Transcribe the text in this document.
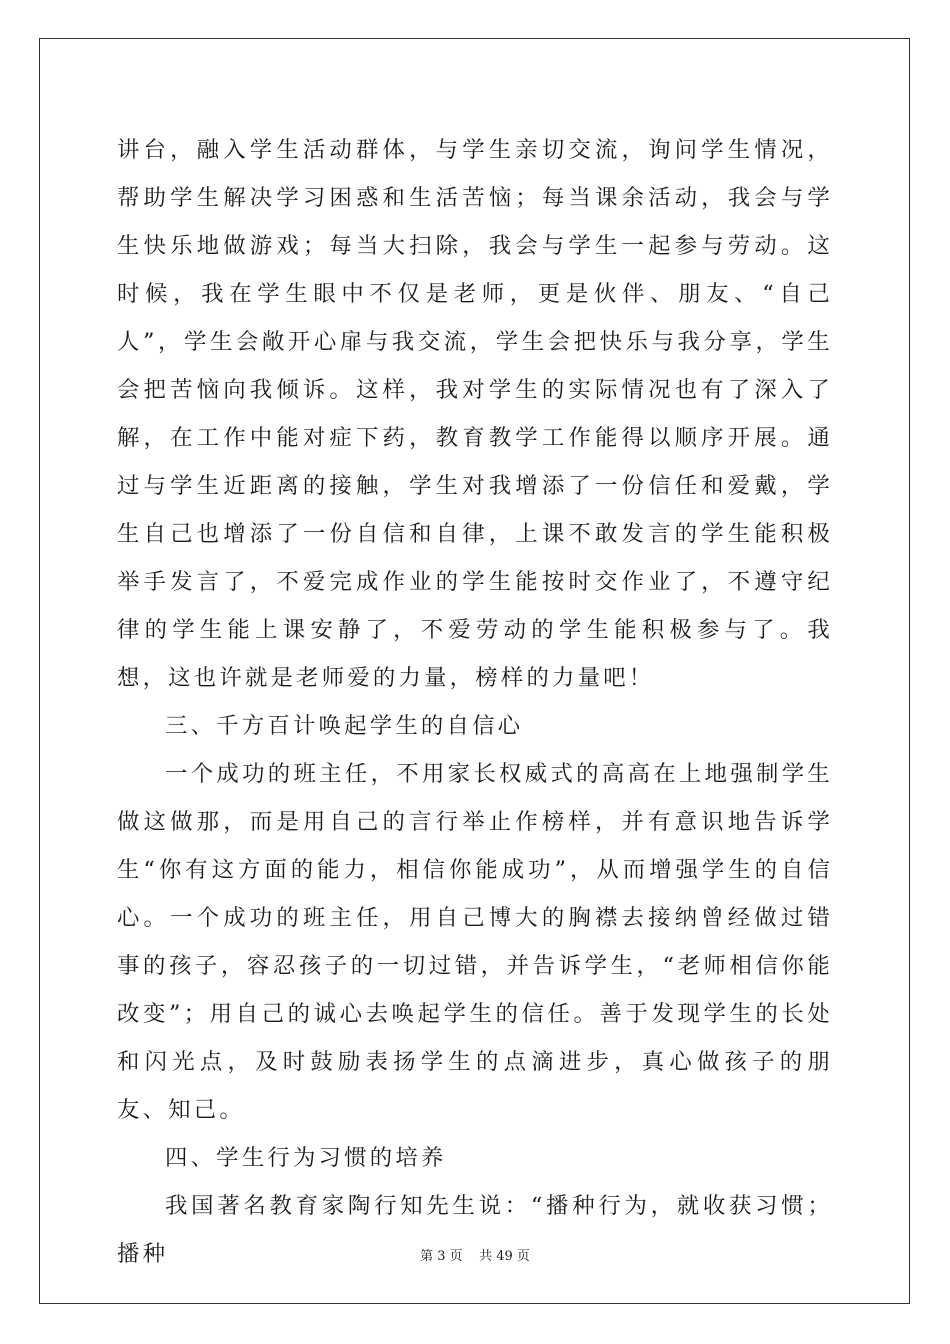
讲台，融入学生活动群体，与学生亲切交流，询问学生情况，帮助学生解决学习困惑和生活苦恼；每当课余活动，我会与学生快乐地做游戏；每当大扫除，我会与学生一起参与劳动。这时候，我在学生眼中不仅是老师，更是伙伴、朋友、“自己人”，学生会敞开心扉与我交流，学生会把快乐与我分享，学生会把苦恼向我倾诉。这样，我对学生的实际情况也有了深入了解，在工作中能对症下药，教育教学工作能得以顺序开展。通过与学生近距离的接触，学生对我增添了一份信任和爱戴，学生自己也增添了一份自信和自律，上课不敢发言的学生能积极举手发言了，不爱完成作业的学生能按时交作业了，不遵守纪律的学生能上课安静了，不爱劳动的学生能积极参与了。我想，这也许就是老师爱的力量，榜样的力量吧！

三、千方百计唤起学生的自信心

一个成功的班主任，不用家长权威式的高高在上地强制学生做这做那，而是用自己的言行举止作榜样，并有意识地告诉学生“你有这方面的能力，相信你能成功”，从而增强学生的自信心。一个成功的班主任，用自己博大的胸襟去接纳曾经做过错事的孩子，容忍孩子的一切过错，并告诉学生，“老师相信你能改变”；用自己的诚心去唤起学生的信任。善于发现学生的长处和闪光点，及时鼓励表扬学生的点滴进步，真心做孩子的朋友、知己。

四、学生行为习惯的培养

我国著名教育家陶行知先生说：“播种行为，就收获习惯；播种	第 3 页    共 49 页
